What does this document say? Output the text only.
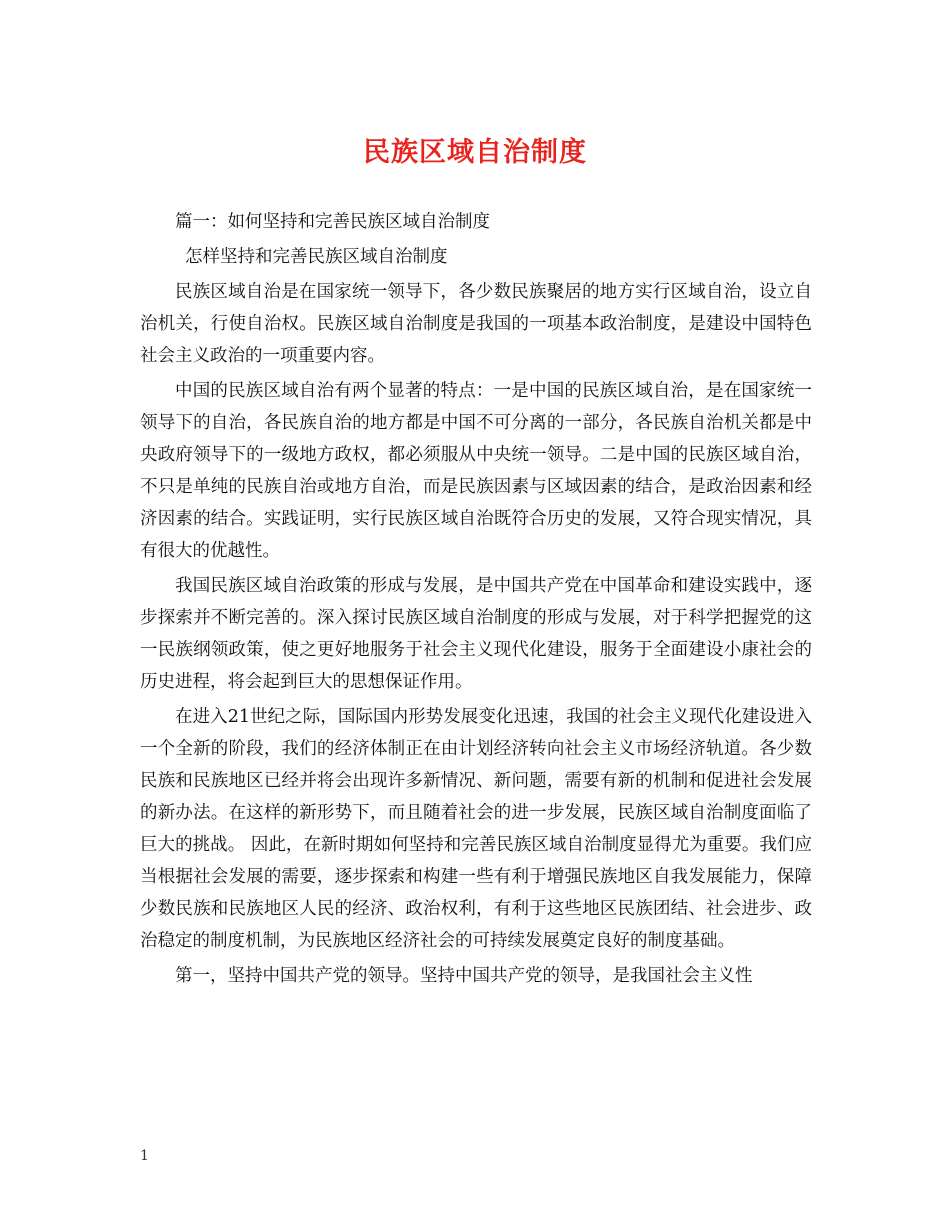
民族区域自治制度

篇一：如何坚持和完善民族区域自治制度

怎样坚持和完善民族区域自治制度

民族区域自治是在国家统一领导下，各少数民族聚居的地方实行区域自治，设立自治机关，行使自治权。民族区域自治制度是我国的一项基本政治制度，是建设中国特色社会主义政治的一项重要内容。

中国的民族区域自治有两个显著的特点：一是中国的民族区域自治，是在国家统一领导下的自治，各民族自治的地方都是中国不可分离的一部分，各民族自治机关都是中央政府领导下的一级地方政权，都必须服从中央统一领导。二是中国的民族区域自治，不只是单纯的民族自治或地方自治，而是民族因素与区域因素的结合，是政治因素和经济因素的结合。实践证明，实行民族区域自治既符合历史的发展，又符合现实情况，具有很大的优越性。

我国民族区域自治政策的形成与发展，是中国共产党在中国革命和建设实践中，逐步探索并不断完善的。深入探讨民族区域自治制度的形成与发展，对于科学把握党的这一民族纲领政策，使之更好地服务于社会主义现代化建设，服务于全面建设小康社会的历史进程，将会起到巨大的思想保证作用。

在进入21世纪之际，国际国内形势发展变化迅速，我国的社会主义现代化建设进入一个全新的阶段，我们的经济体制正在由计划经济转向社会主义市场经济轨道。各少数民族和民族地区已经并将会出现许多新情况、新问题，需要有新的机制和促进社会发展的新办法。在这样的新形势下，而且随着社会的进一步发展，民族区域自治制度面临了巨大的挑战。 因此，在新时期如何坚持和完善民族区域自治制度显得尤为重要。我们应当根据社会发展的需要，逐步探索和构建一些有利于增强民族地区自我发展能力，保障少数民族和民族地区人民的经济、政治权利，有利于这些地区民族团结、社会进步、政治稳定的制度机制，为民族地区经济社会的可持续发展奠定良好的制度基础。

第一，坚持中国共产党的领导。坚持中国共产党的领导，是我国社会主义性

1
